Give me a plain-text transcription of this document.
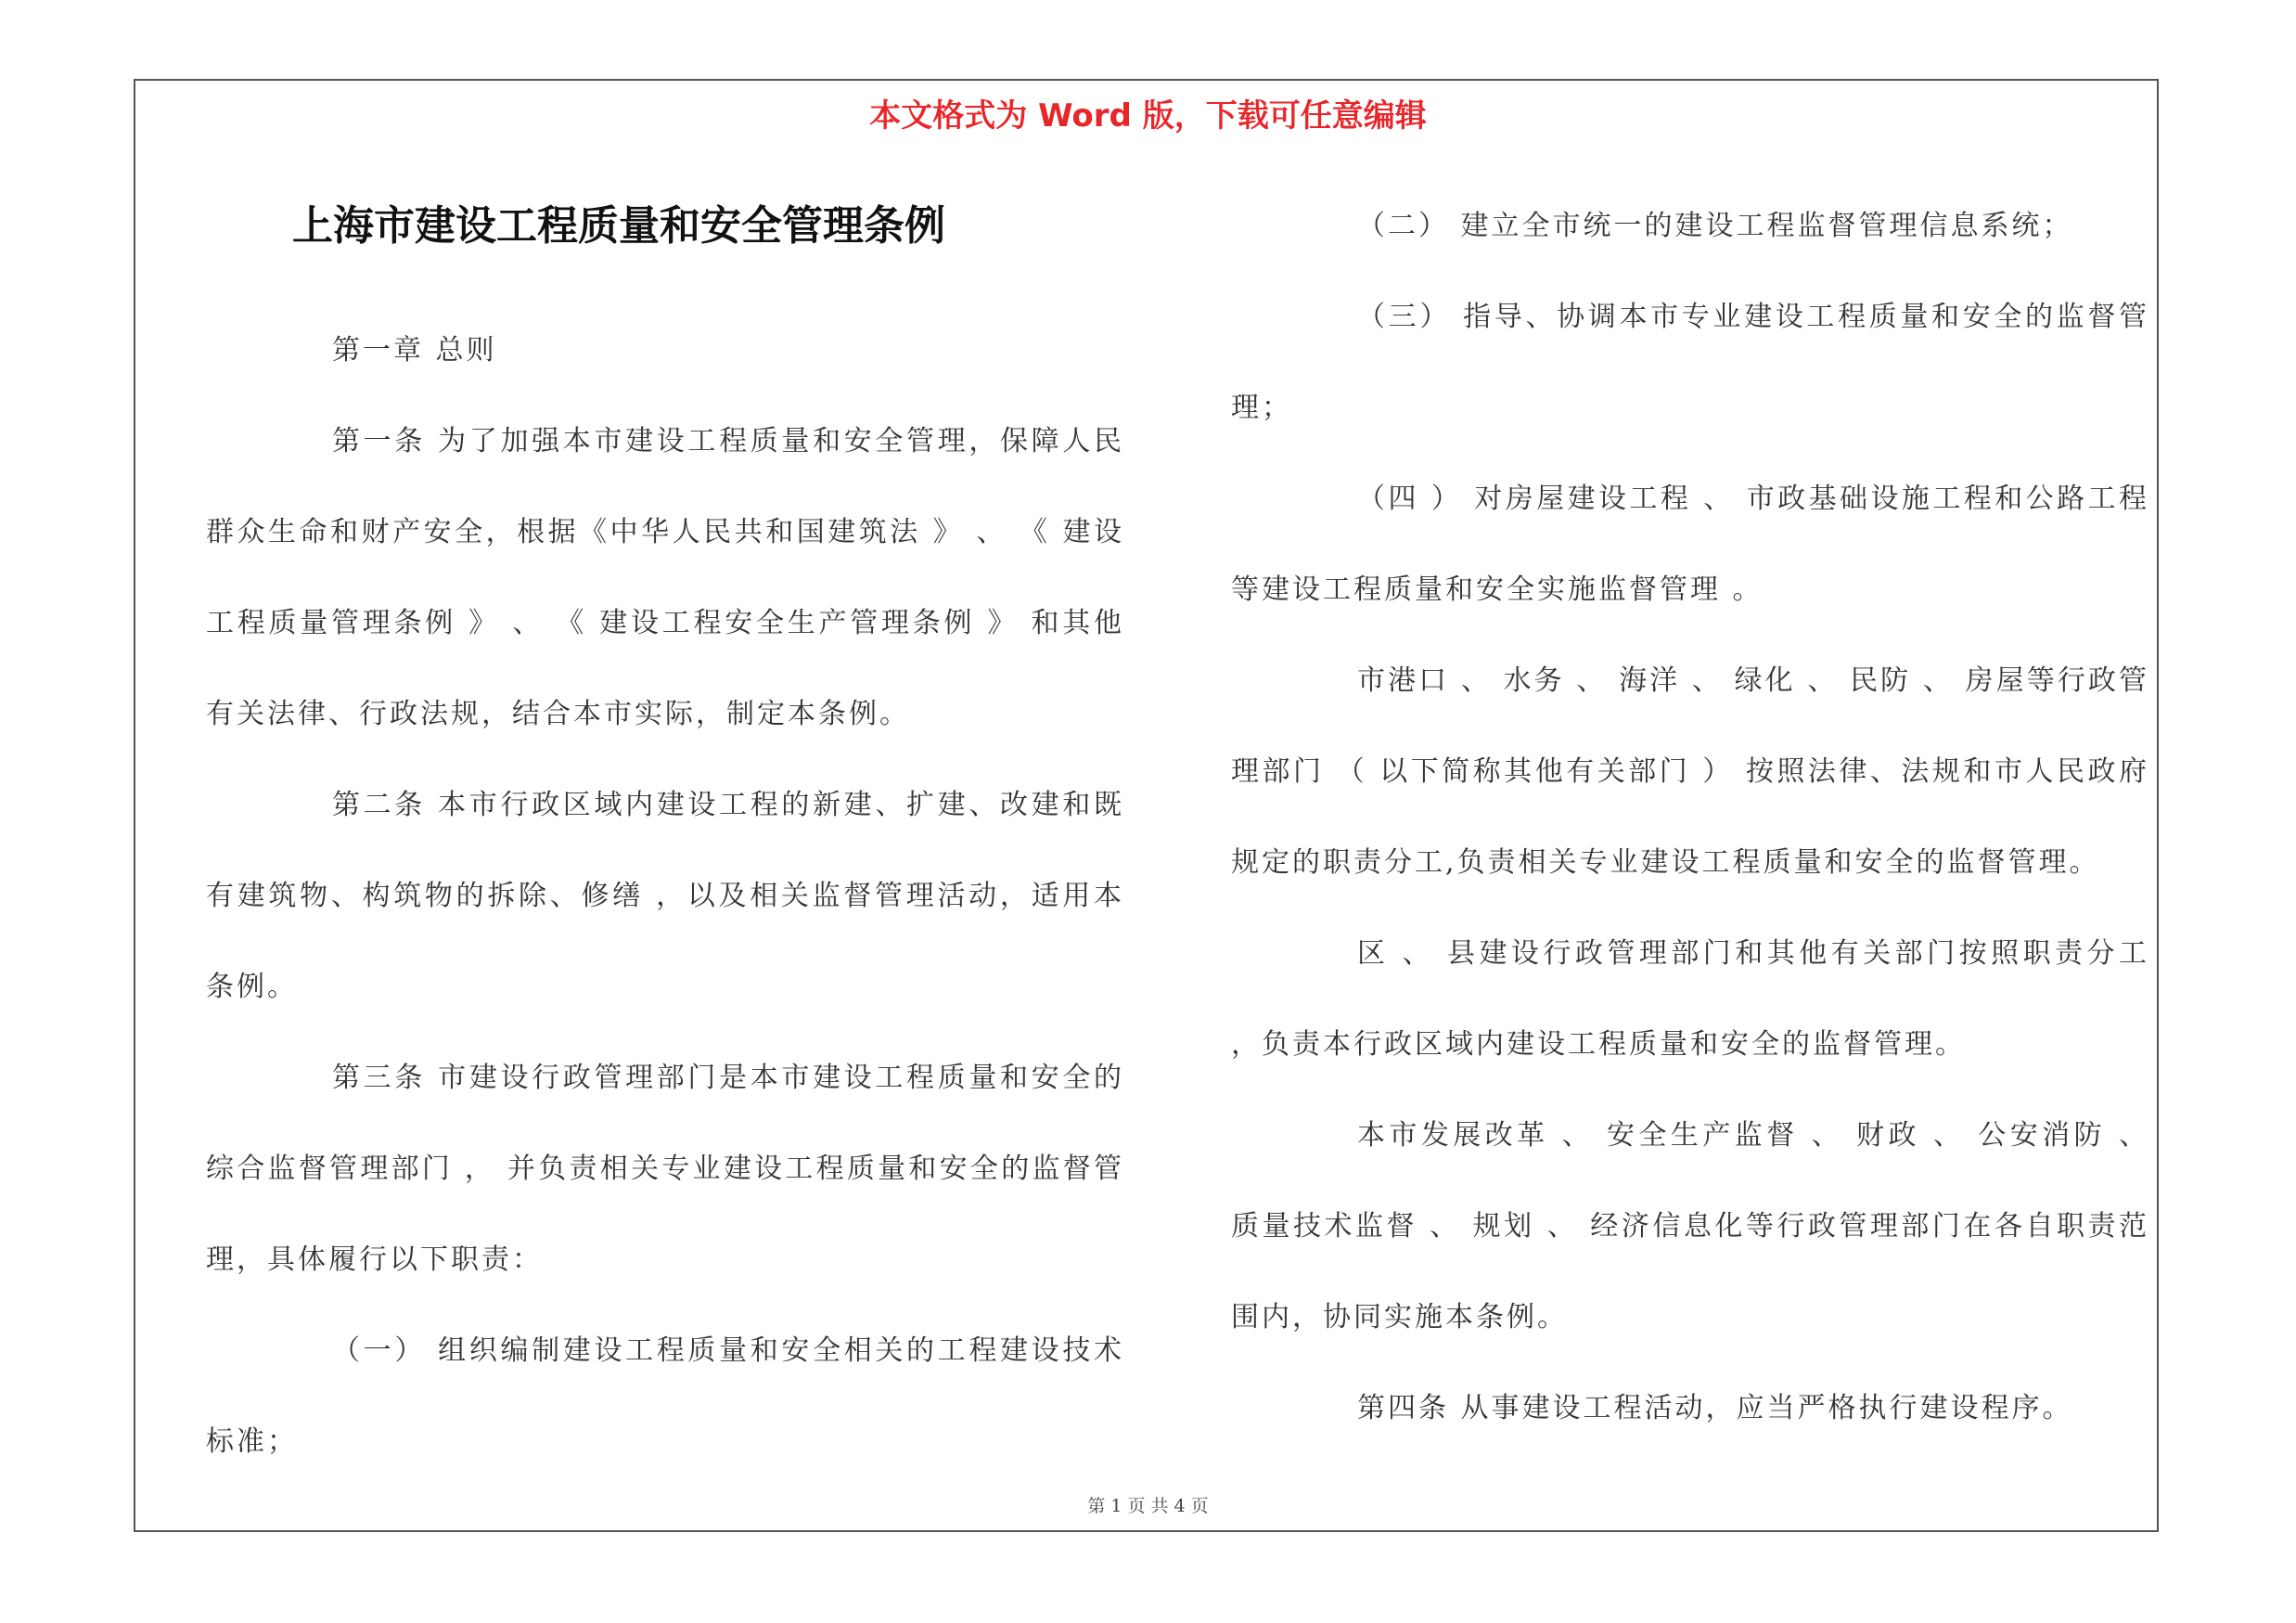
本文格式为 Word 版，下载可任意编辑
上海市建设工程质量和安全管理条例

第一章 总则

第一条 为了加强本市建设工程质量和安全管理，保障人民群众生命和财产安全，根据《中华人民共和国建筑法 》 、 《 建设工程质量管理条例 》 、 《 建设工程安全生产管理条例 》 和其他有关法律、行政法规，结合本市实际，制定本条例。

第二条 本市行政区域内建设工程的新建、扩建、改建和既有建筑物、构筑物的拆除、修缮 ，以及相关监督管理活动，适用本条例。

第三条 市建设行政管理部门是本市建设工程质量和安全的综合监督管理部门 ， 并负责相关专业建设工程质量和安全的监督管理，具体履行以下职责：

（一） 组织编制建设工程质量和安全相关的工程建设技术标准；

（二） 建立全市统一的建设工程监督管理信息系统；

（三） 指导、协调本市专业建设工程质量和安全的监督管理；

（四 ） 对房屋建设工程 、 市政基础设施工程和公路工程等建设工程质量和安全实施监督管理 。

市港口 、 水务 、 海洋 、 绿化 、 民防 、 房屋等行政管理部门 （ 以下简称其他有关部门 ） 按照法律、法规和市人民政府规定的职责分工,负责相关专业建设工程质量和安全的监督管理。

区 、 县建设行政管理部门和其他有关部门按照职责分工 ，负责本行政区域内建设工程质量和安全的监督管理。

本市发展改革 、 安全生产监督 、 财政 、 公安消防 、 质量技术监督 、 规划 、 经济信息化等行政管理部门在各自职责范围内，协同实施本条例。

第四条 从事建设工程活动，应当严格执行建设程序。

第 1 页 共 4 页
